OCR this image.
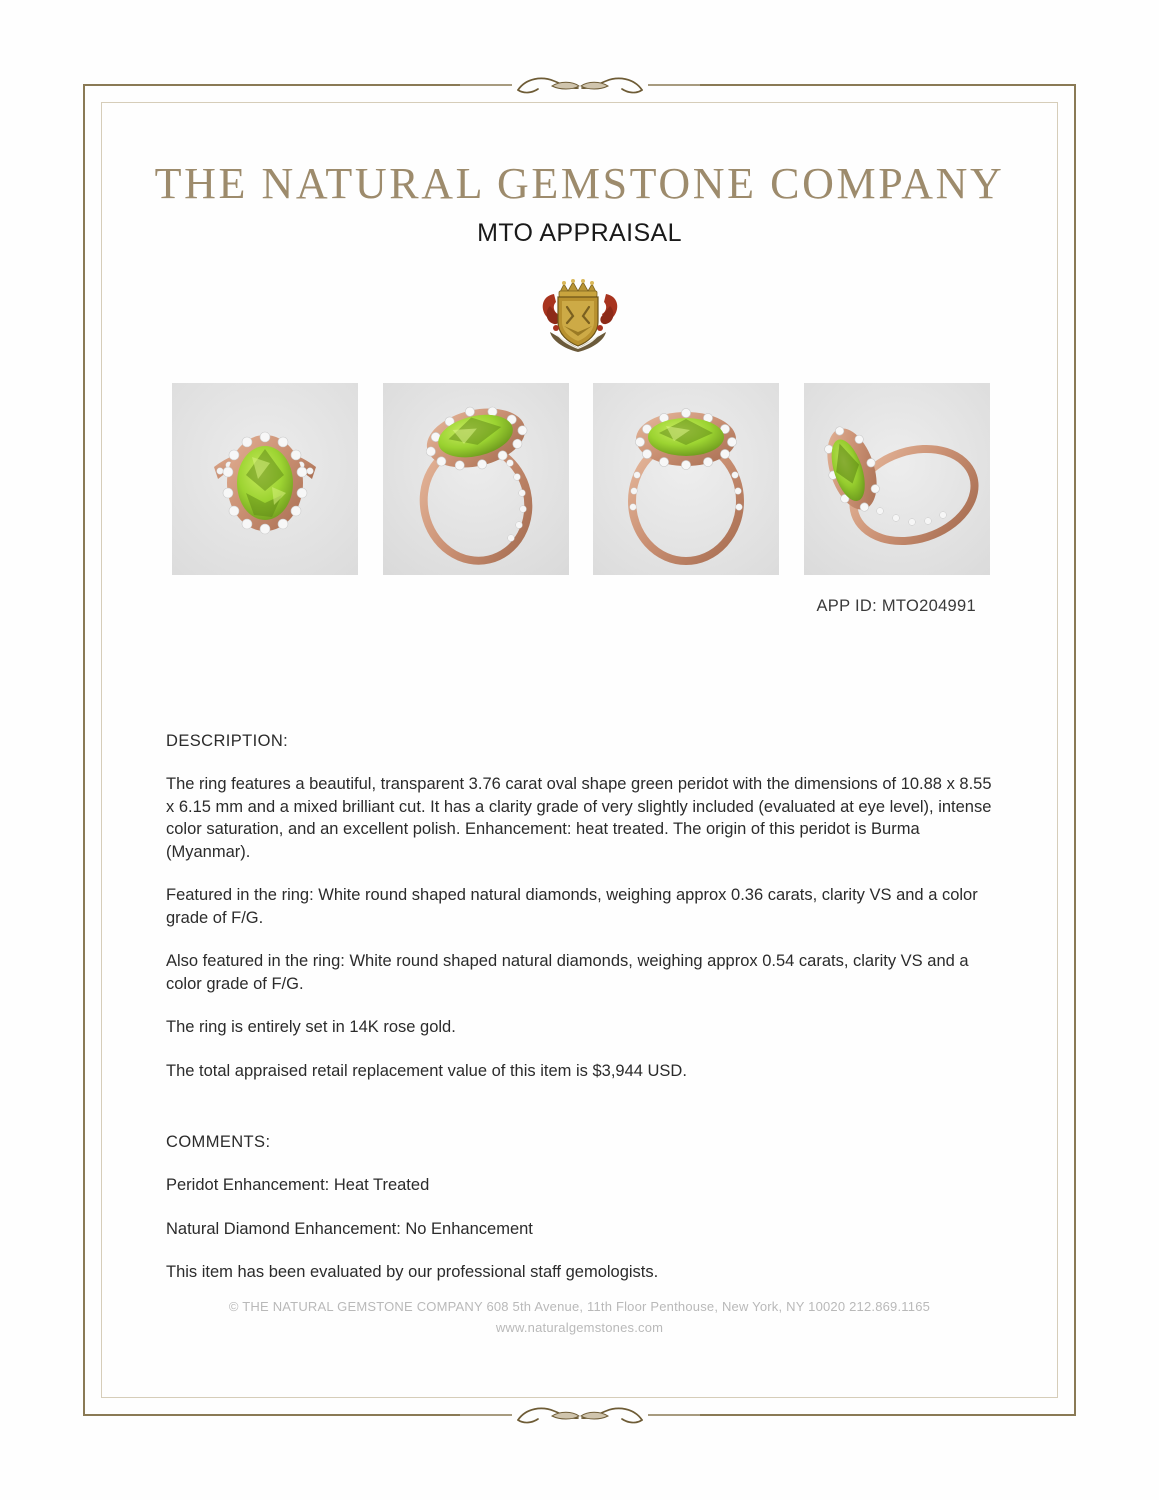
THE NATURAL GEMSTONE COMPANY
MTO APPRAISAL
APP ID: MTO204991

DESCRIPTION:

The ring features a beautiful, transparent 3.76 carat oval shape green peridot with the dimensions of 10.88 x 8.55 x 6.15 mm and a mixed brilliant cut. It has a clarity grade of very slightly included (evaluated at eye level), intense color saturation, and an excellent polish. Enhancement: heat treated. The origin of this peridot is Burma (Myanmar).

Featured in the ring: White round shaped natural diamonds, weighing approx 0.36 carats, clarity VS and a color grade of F/G.

Also featured in the ring: White round shaped natural diamonds, weighing approx 0.54 carats, clarity VS and a color grade of F/G.

The ring is entirely set in 14K rose gold.

The total appraised retail replacement value of this item is $3,944 USD.

COMMENTS:

Peridot Enhancement: Heat Treated

Natural Diamond Enhancement: No Enhancement

This item has been evaluated by our professional staff gemologists.

© THE NATURAL GEMSTONE COMPANY 608 5th Avenue, 11th Floor Penthouse, New York, NY 10020 212.869.1165
www.naturalgemstones.com
